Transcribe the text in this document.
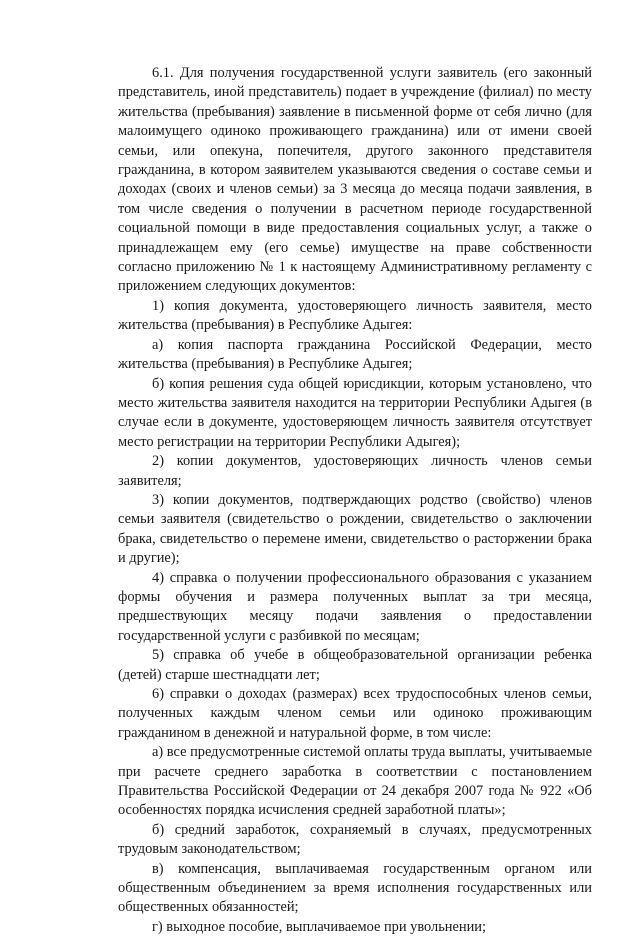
6.1. Для получения государственной услуги заявитель (его законный представитель, иной представитель) подает в учреждение (филиал) по месту жительства (пребывания) заявление в письменной форме от себя лично (для малоимущего одиноко проживающего гражданина) или от имени своей семьи, или опекуна, попечителя, другого законного представителя гражданина, в котором заявителем указываются сведения о составе семьи и доходах (своих и членов семьи) за 3 месяца до месяца подачи заявления, в том числе сведения о получении в расчетном периоде государственной социальной помощи в виде предоставления социальных услуг, а также о принадлежащем ему (его семье) имуществе на праве собственности согласно приложению № 1 к настоящему Административному регламенту с приложением следующих документов:

1) копия документа, удостоверяющего личность заявителя, место жительства (пребывания) в Республике Адыгея:

а) копия паспорта гражданина Российской Федерации, место жительства (пребывания) в Республике Адыгея;

б) копия решения суда общей юрисдикции, которым установлено, что место жительства заявителя находится на территории Республики Адыгея (в случае если в документе, удостоверяющем личность заявителя отсутствует место регистрации на территории Республики Адыгея);

2) копии документов, удостоверяющих личность членов семьи заявителя;

3) копии документов, подтверждающих родство (свойство) членов семьи заявителя (свидетельство о рождении, свидетельство о заключении брака, свидетельство о перемене имени, свидетельство о расторжении брака и другие);

4) справка о получении профессионального образования с указанием формы обучения и размера полученных выплат за три месяца, предшествующих месяцу подачи заявления о предоставлении государственной услуги с разбивкой по месяцам;

5) справка об учебе в общеобразовательной организации ребенка (детей) старше шестнадцати лет;

6) справки о доходах (размерах) всех трудоспособных членов семьи, полученных каждым членом семьи или одиноко проживающим гражданином в денежной и натуральной форме, в том числе:

а) все предусмотренные системой оплаты труда выплаты, учитываемые при расчете среднего заработка в соответствии с постановлением Правительства Российской Федерации от 24 декабря 2007 года № 922 «Об особенностях порядка исчисления средней заработной платы»;

б) средний заработок, сохраняемый в случаях, предусмотренных трудовым законодательством;

в) компенсация, выплачиваемая государственным органом или общественным объединением за время исполнения государственных или общественных обязанностей;

г) выходное пособие, выплачиваемое при увольнении;
